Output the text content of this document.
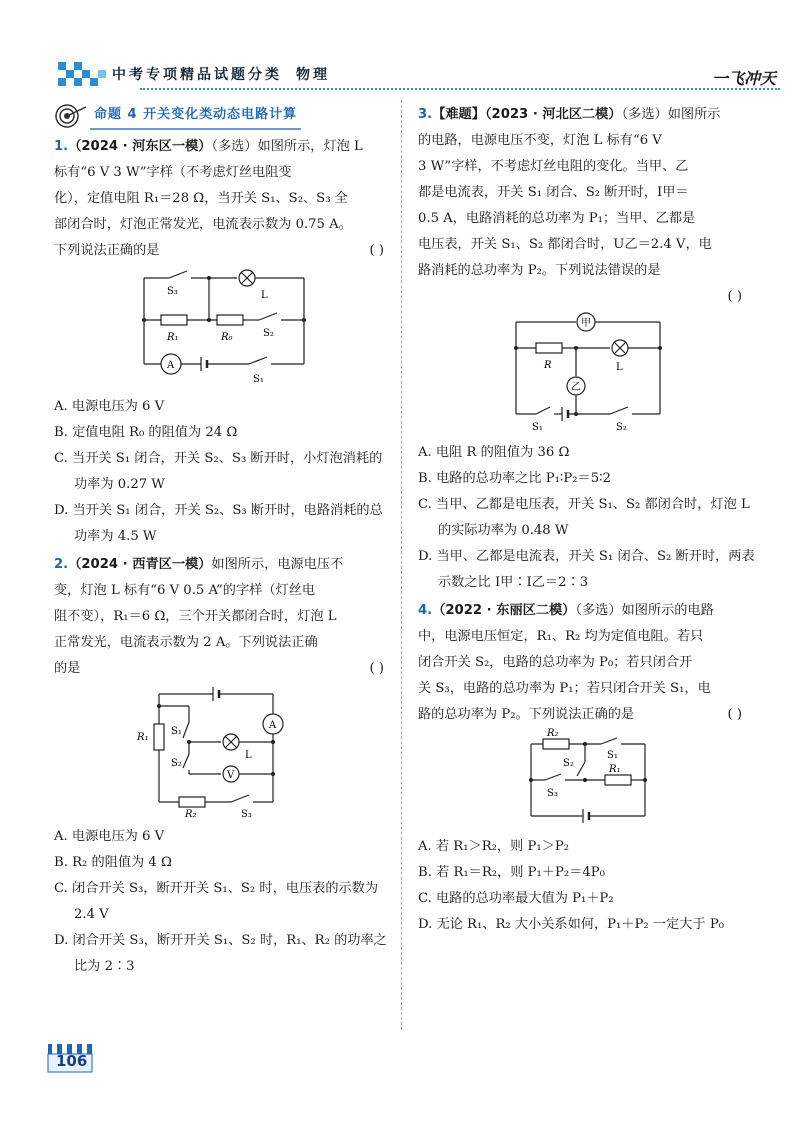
中考专项精品试题分类 物理	一飞冲天
命题 4 开关变化类动态电路计算
1.（2024 · 河东区一模）（多选）如图所示，灯泡 L
标有“6 V 3 W”字样（不考虑灯丝电阻变
化），定值电阻 R₁＝28 Ω，当开关 S₁、S₂、S₃ 全
部闭合时，灯泡正常发光，电流表示数为 0.75 A。
下列说法正确的是	( )
S₃	L
R₁	R₀	S₂
A
S₁
A. 电源电压为 6 V
B. 定值电阻 R₀ 的阻值为 24 Ω
C. 当开关 S₁ 闭合，开关 S₂、S₃ 断开时，小灯泡消耗的功率为 0.27 W
D. 当开关 S₁ 闭合，开关 S₂、S₃ 断开时，电路消耗的总功率为 4.5 W
2.（2024 · 西青区一模）如图所示，电源电压不
变，灯泡 L 标有“6 V 0.5 A”的字样（灯丝电
阻不变），R₁＝6 Ω，三个开关都闭合时，灯泡 L
正常发光，电流表示数为 2 A。下列说法正确
的是	( )
S₁
A
R₁
L
S₂
V
R₂	S₃
A. 电源电压为 6 V
B. R₂ 的阻值为 4 Ω
C. 闭合开关 S₃，断开开关 S₁、S₂ 时，电压表的示数为 2.4 V
D. 闭合开关 S₃，断开开关 S₁、S₂ 时，R₁、R₂ 的功率之比为 2∶3
3.【难题】（2023 · 河北区二模）（多选）如图所示
的电路，电源电压不变，灯泡 L 标有“6 V
3 W”字样，不考虑灯丝电阻的变化。当甲、乙
都是电流表，开关 S₁ 闭合、S₂ 断开时，I甲＝
0.5 A，电路消耗的总功率为 P₁；当甲、乙都是
电压表，开关 S₁、S₂ 都闭合时，U乙＝2.4 V，电
路消耗的总功率为 P₂。下列说法错误的是
( )
甲
R	L
乙
S₁	S₂
A. 电阻 R 的阻值为 36 Ω
B. 电路的总功率之比 P₁∶P₂＝5∶2
C. 当甲、乙都是电压表，开关 S₁、S₂ 都闭合时，灯泡 L 的实际功率为 0.48 W
D. 当甲、乙都是电流表，开关 S₁ 闭合、S₂ 断开时，两表示数之比 I甲∶I乙＝2∶3
4.（2022 · 东丽区二模）（多选）如图所示的电路
中，电源电压恒定，R₁、R₂ 均为定值电阻。若只
闭合开关 S₂，电路的总功率为 P₀；若只闭合开
关 S₃，电路的总功率为 P₁；若只闭合开关 S₁，电
路的总功率为 P₂。下列说法正确的是	( )
R₂
S₁
S₂
R₁
S₃
A. 若 R₁＞R₂，则 P₁＞P₂
B. 若 R₁＝R₂，则 P₁＋P₂＝4P₀
C. 电路的总功率最大值为 P₁＋P₂
D. 无论 R₁、R₂ 大小关系如何，P₁＋P₂ 一定大于 P₀
106
